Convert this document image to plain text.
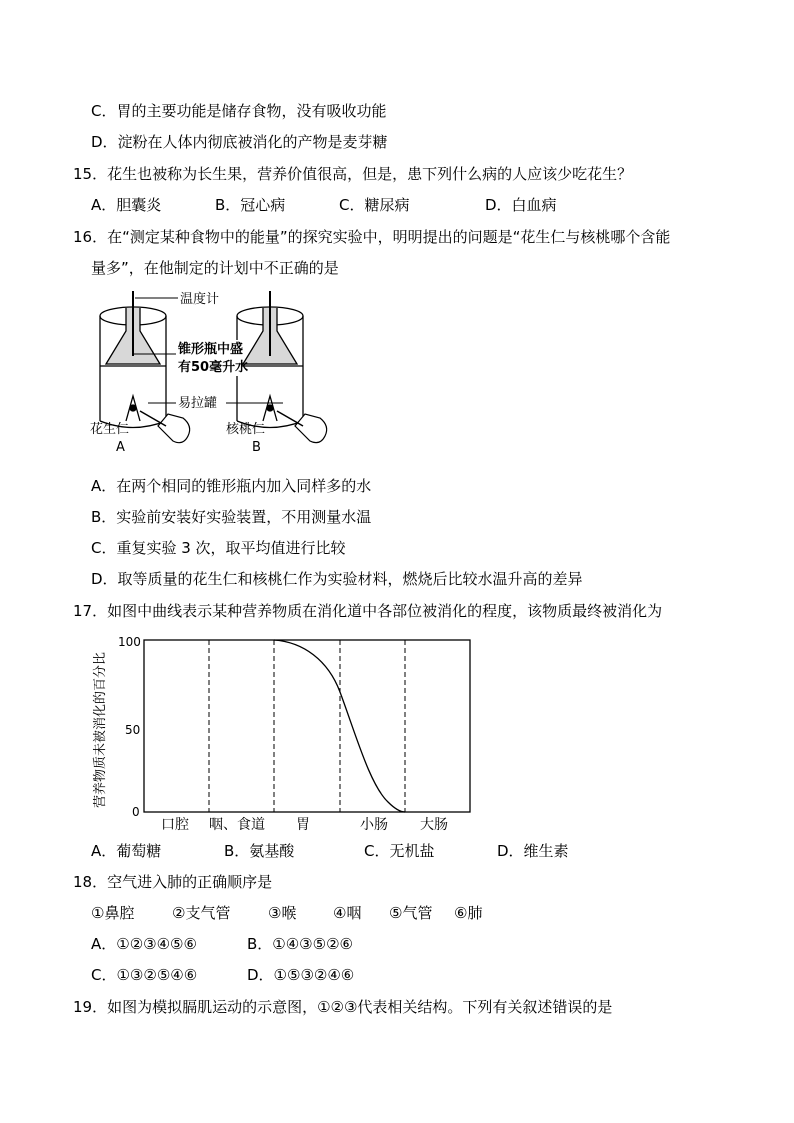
C．胃的主要功能是储存食物，没有吸收功能
D．淀粉在人体内彻底被消化的产物是麦芽糖
15．花生也被称为长生果，营养价值很高，但是，患下列什么病的人应该少吃花生？
A．胆囊炎	B．冠心病	C．糖尿病	D．白血病
16．在“测定某种食物中的能量”的探究实验中，明明提出的问题是“花生仁与核桃哪个含能
量多”，在他制定的计划中不正确的是
温度计
锥形瓶中盛
有50毫升水
易拉罐
花生仁
A
核桃仁
B
A．在两个相同的锥形瓶内加入同样多的水
B．实验前安装好实验装置，不用测量水温
C．重复实验 3 次，取平均值进行比较
D．取等质量的花生仁和核桃仁作为实验材料，燃烧后比较水温升高的差异
17．如图中曲线表示某种营养物质在消化道中各部位被消化的程度，该物质最终被消化为
营养物质未被消化的百分比
100
50
0
口腔 咽、食道 胃	小肠 大肠
A．葡萄糖	B．氨基酸	C．无机盐	D．维生素
18．空气进入肺的正确顺序是
①鼻腔	②支气管	③喉 ④咽 ⑤气管 ⑥肺
A．①②③④⑤⑥	B．①④③⑤②⑥
C．①③②⑤④⑥	D．①⑤③②④⑥
19．如图为模拟膈肌运动的示意图，①②③代表相关结构。下列有关叙述错误的是
